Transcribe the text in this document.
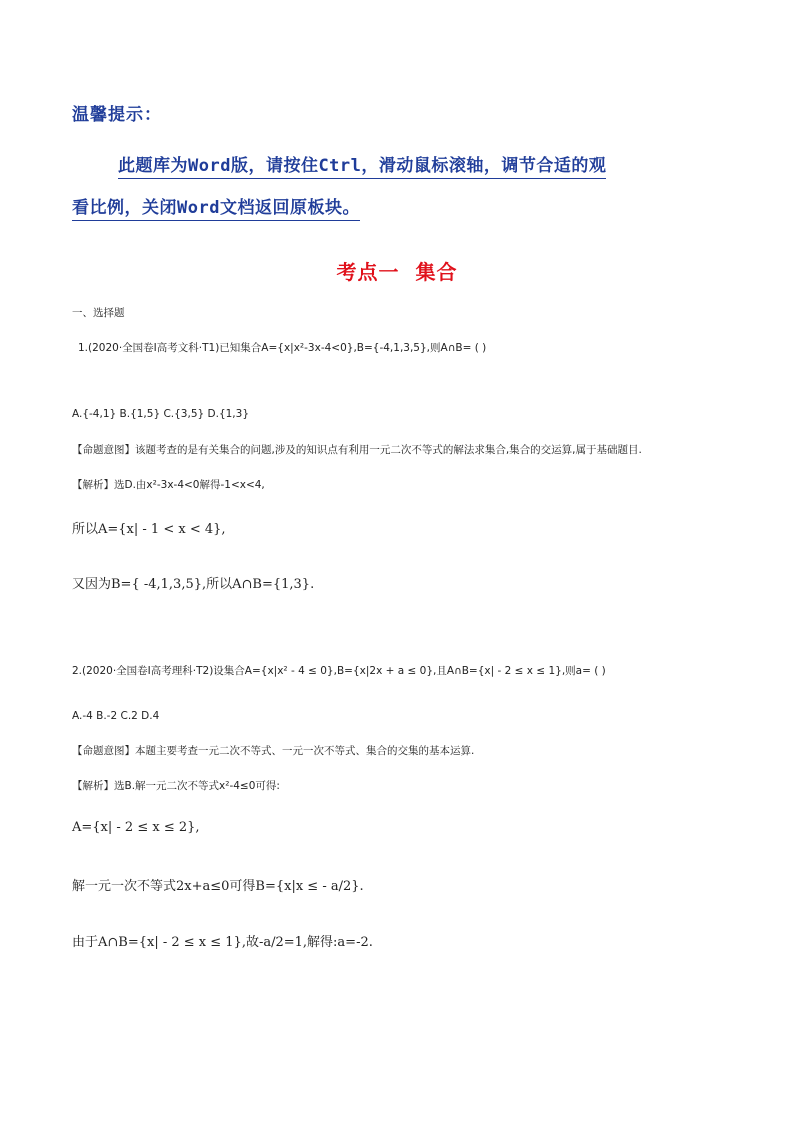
温馨提示：
此题库为Word版，请按住Ctrl，滑动鼠标滚轴，调节合适的观
看比例，关闭Word文档返回原板块。
考点一  集合
一、选择题
1.(2020·全国卷Ⅰ高考文科·T1)已知集合A={x|x²-3x-4<0},B={-4,1,3,5},则A∩B= ( )
A.{-4,1} B.{1,5} C.{3,5} D.{1,3}
【命题意图】该题考查的是有关集合的问题,涉及的知识点有利用一元二次不等式的解法求集合,集合的交运算,属于基础题目.
【解析】选D.由x²-3x-4<0解得-1<x<4,
所以A={x| - 1 < x < 4},
又因为B={ -4,1,3,5},所以A∩B={1,3}.
2.(2020·全国卷Ⅰ高考理科·T2)设集合A={x|x² - 4 ≤ 0},B={x|2x + a ≤ 0},且A∩B={x| - 2 ≤ x ≤ 1},则a= ( )
A.-4 B.-2 C.2 D.4
【命题意图】本题主要考查一元二次不等式、一元一次不等式、集合的交集的基本运算.
【解析】选B.解一元二次不等式x²-4≤0可得:
A={x| - 2 ≤ x ≤ 2},
解一元一次不等式2x+a≤0可得B={x|x ≤ - a/2}.
由于A∩B={x| - 2 ≤ x ≤ 1},故-a/2=1,解得:a=-2.
